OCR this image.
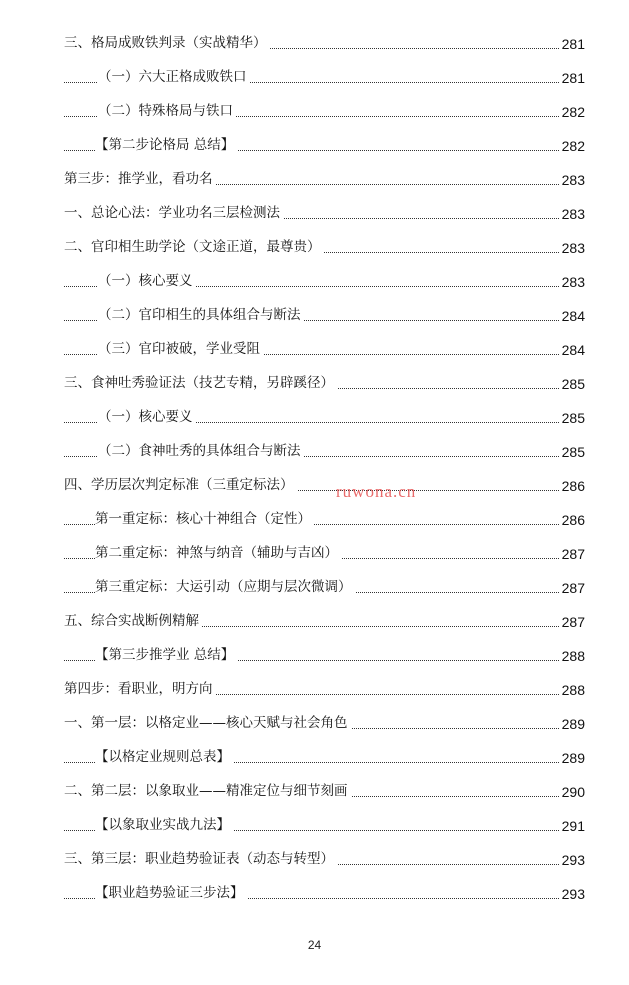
三、格局成败铁判录（实战精华）	281
（一）六大正格成败铁口	281
（二）特殊格局与铁口	282
【第二步论格局 总结】	282
第三步：推学业，看功名	283
一、总论心法：学业功名三层检测法	283
二、官印相生助学论（文途正道，最尊贵）	283
（一）核心要义	283
（二）官印相生的具体组合与断法	284
（三）官印被破，学业受阻	284
三、食神吐秀验证法（技艺专精，另辟蹊径）	285
（一）核心要义	285
（二）食神吐秀的具体组合与断法	285
四、学历层次判定标准（三重定标法）	286
第一重定标：核心十神组合（定性）	286
第二重定标：神煞与纳音（辅助与吉凶）	287
第三重定标：大运引动（应期与层次微调）	287
五、综合实战断例精解	287
【第三步推学业 总结】	288
第四步：看职业，明方向	288
一、第一层：以格定业——核心天赋与社会角色	289
【以格定业规则总表】	289
二、第二层：以象取业——精准定位与细节刻画	290
【以象取业实战九法】	291
三、第三层：职业趋势验证表（动态与转型）	293
【职业趋势验证三步法】	293
24
ruwona.cn
